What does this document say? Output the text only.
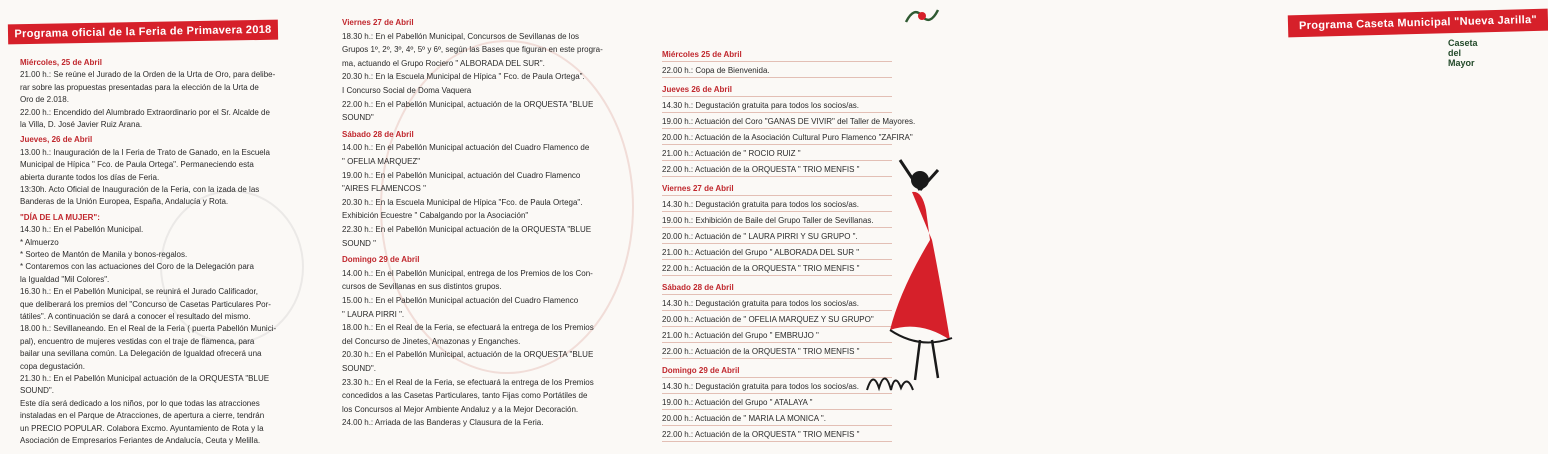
Programa oficial de la Feria de Primavera 2018
Miércoles, 25 de Abril
21.00 h.: Se reúne el Jurado de la Orden de la Urta de Oro, para delibe-
rar sobre las propuestas presentadas para la elección de la Urta de
Oro de 2.018.
22.00 h.: Encendido del Alumbrado Extraordinario por el Sr. Alcalde de
la Villa, D. José Javier Ruiz Arana.
Jueves, 26 de Abril
13.00 h.: Inauguración de la I Feria de Trato de Ganado, en la Escuela
Municipal de Hípica " Fco. de Paula Ortega". Permaneciendo esta
abierta durante todos los días de Feria.
13:30h. Acto Oficial de Inauguración de la Feria, con la izada de las
Banderas de la Unión Europea, España, Andalucía y Rota.
"DÍA DE LA MUJER":
14.30 h.: En el Pabellón Municipal.
* Almuerzo
* Sorteo de Mantón de Manila y bonos-regalos.
* Contaremos con las actuaciones del Coro de la Delegación para
la Igualdad "Mil Colores".
16.30 h.: En el Pabellón Municipal, se reunirá el Jurado Calificador,
que deliberará los premios del "Concurso de Casetas Particulares Por-
tátiles". A continuación se dará a conocer el resultado del mismo.
18.00 h.: Sevillaneando. En el Real de la Feria ( puerta Pabellón Munici-
pal), encuentro de mujeres vestidas con el traje de flamenca, para
bailar una sevillana común. La Delegación de Igualdad ofrecerá una
copa degustación.
21.30 h.: En el Pabellón Municipal actuación de la ORQUESTA "BLUE
SOUND".
Este día será dedicado a los niños, por lo que todas las atracciones
instaladas en el Parque de Atracciones, de apertura a cierre, tendrán
un PRECIO POPULAR. Colabora Excmo. Ayuntamiento de Rota y la
Asociación de Empresarios Feriantes de Andalucía, Ceuta y Melilla.
Viernes 27 de Abril
18.30 h.: En el Pabellón Municipal, Concursos de Sevillanas de los
Grupos 1º, 2º, 3º, 4º, 5º y 6º, según las Bases que figuran en este progra-
ma, actuando el Grupo Rociero " ALBORADA DEL SUR".
20.30 h.: En la Escuela Municipal de Hípica " Fco. de Paula Ortega".
I Concurso Social de Doma Vaquera
22.00 h.: En el Pabellón Municipal, actuación de la ORQUESTA "BLUE
SOUND"
Sábado 28 de Abril
14.00 h.: En el Pabellón Municipal actuación del Cuadro Flamenco de
" OFELIA MARQUEZ"
19.00 h.: En el Pabellón Municipal, actuación del Cuadro Flamenco
"AIRES FLAMENCOS "
20.30 h.: En la Escuela Municipal de Hípica "Fco. de Paula Ortega".
Exhibición Ecuestre " Cabalgando por la Asociación"
22.30 h.: En el Pabellón Municipal actuación de la ORQUESTA "BLUE
SOUND "
Domingo 29 de Abril
14.00 h.: En el Pabellón Municipal, entrega de los Premios de los Con-
cursos de Sevillanas en sus distintos grupos.
15.00 h.: En el Pabellón Municipal actuación del Cuadro Flamenco
" LAURA PIRRI ".
18.00 h.: En el Real de la Feria, se efectuará la entrega de los Premios
del Concurso de Jinetes, Amazonas y Enganches.
20.30 h.: En el Pabellón Municipal, actuación de la ORQUESTA "BLUE
SOUND".
23.30 h.: En el Real de la Feria, se efectuará la entrega de los Premios
concedidos a las Casetas Particulares, tanto Fijas como Portátiles de
los Concursos al Mejor Ambiente Andaluz y a la Mejor Decoración.
24.00 h.: Arriada de las Banderas y Clausura de la Feria.
Programa Caseta Municipal "Nueva Jarilla"
Caseta del Mayor
Miércoles 25 de Abril
22.00 h.: Copa de Bienvenida.
Jueves 26 de Abril
14.30 h.: Degustación gratuita para todos los socios/as.
19.00 h.: Actuación del Coro "GANAS DE VIVIR" del Taller de Mayores.
20.00 h.: Actuación de la Asociación Cultural Puro Flamenco "ZAFIRA"
21.00 h.: Actuación de " ROCIO RUIZ "
22.00 h.: Actuación de la ORQUESTA " TRIO MENFIS "
Viernes 27 de Abril
14.30 h.: Degustación gratuita para todos los socios/as.
19.00 h.: Exhibición de Baile del Grupo Taller de Sevillanas.
20.00 h.: Actuación de " LAURA PIRRI Y SU GRUPO ".
21.00 h.: Actuación del Grupo " ALBORADA DEL SUR "
22.00 h.: Actuación de la ORQUESTA " TRIO MENFIS "
Sábado 28 de Abril
14.30 h.: Degustación gratuita para todos los socios/as.
20.00 h.: Actuación de " OFELIA MARQUEZ Y SU GRUPO"
21.00 h.: Actuación del Grupo " EMBRUJO "
22.00 h.: Actuación de la ORQUESTA " TRIO MENFIS "
Domingo 29 de Abril
14.30 h.: Degustación gratuita para todos los socios/as.
19.00 h.: Actuación del Grupo " ATALAYA "
20.00 h.: Actuación de " MARIA LA MONICA ".
22.00 h.: Actuación de la ORQUESTA " TRIO MENFIS "
